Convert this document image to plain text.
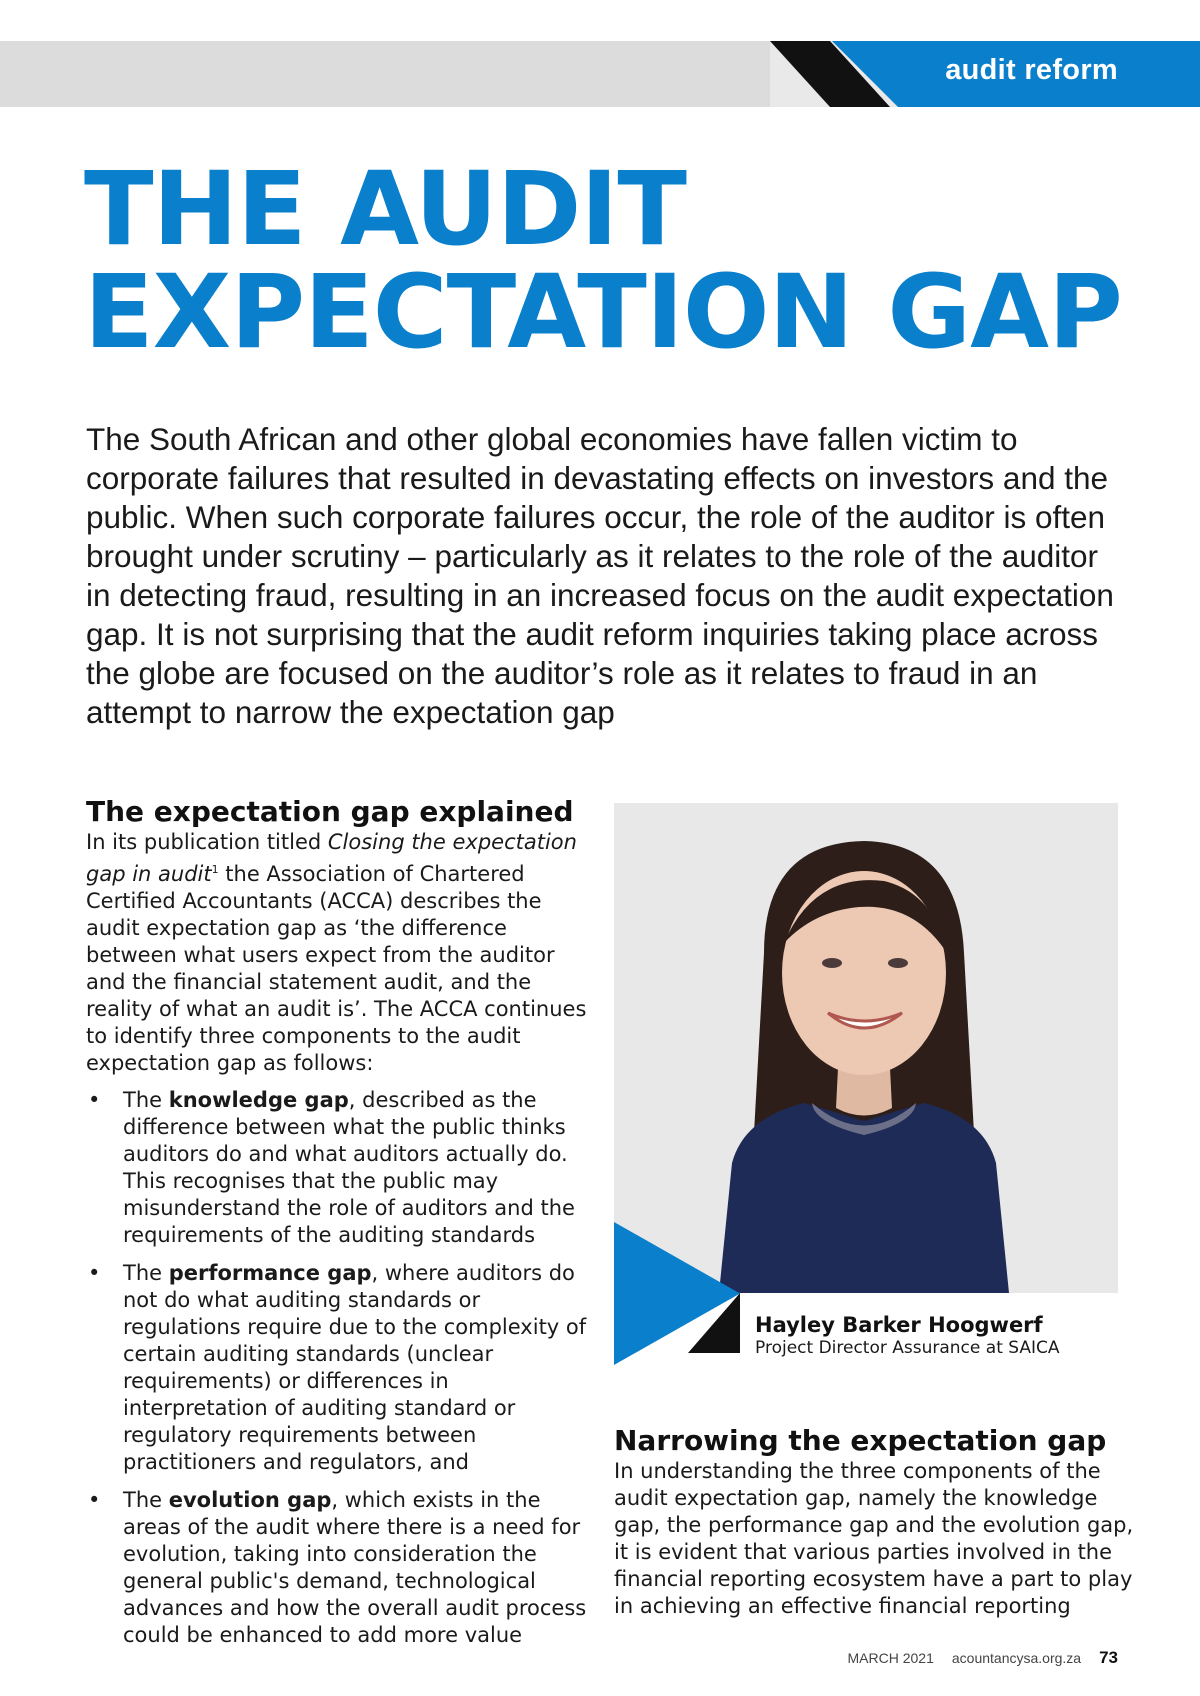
audit reform
THE AUDIT
EXPECTATION GAP

The South African and other global economies have fallen victim to corporate failures that resulted in devastating effects on investors and the public. When such corporate failures occur, the role of the auditor is often brought under scrutiny – particularly as it relates to the role of the auditor in detecting fraud, resulting in an increased focus on the audit expectation gap. It is not surprising that the audit reform inquiries taking place across the globe are focused on the auditor’s role as it relates to fraud in an attempt to narrow the expectation gap

The expectation gap explained

In its publication titled Closing the expectation gap in audit$^1$ the Association of Chartered Certified Accountants (ACCA) describes the audit expectation gap as ‘the difference between what users expect from the auditor and the financial statement audit, and the reality of what an audit is’. The ACCA continues to identify three components to the audit expectation gap as follows:

• The knowledge gap, described as the difference between what the public thinks auditors do and what auditors actually do. This recognises that the public may misunderstand the role of auditors and the requirements of the auditing standards
• The performance gap, where auditors do not do what auditing standards or regulations require due to the complexity of certain auditing standards (unclear requirements) or differences in interpretation of auditing standard or regulatory requirements between practitioners and regulators, and
• The evolution gap, which exists in the areas of the audit where there is a need for evolution, taking into consideration the general public's demand, technological advances and how the overall audit process could be enhanced to add more value
Hayley Barker Hoogwerf
Project Director Assurance at SAICA
Narrowing the expectation gap

In understanding the three components of the audit expectation gap, namely the knowledge gap, the performance gap and the evolution gap, it is evident that various parties involved in the financial reporting ecosystem have a part to play in achieving an effective financial reporting

MARCH 2021 acountancysa.org.za 73
